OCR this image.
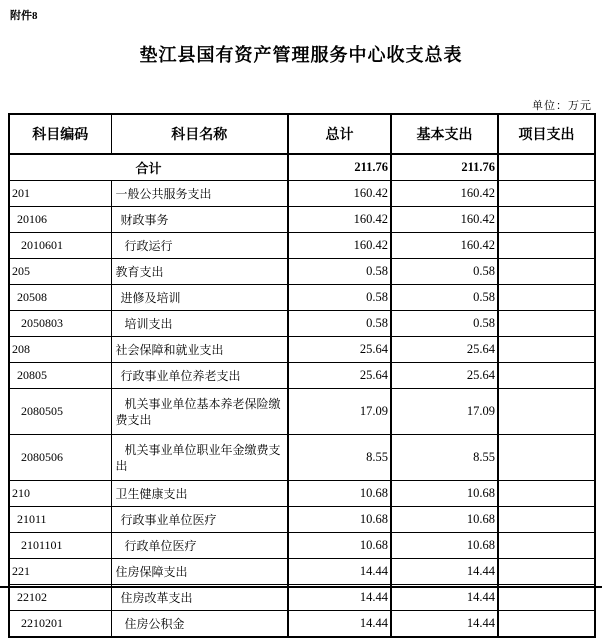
附件8
垫江县国有资产管理服务中心收支总表
单位：万元
科目编码	科目名称	总计	基本支出	项目支出
合计		211.76	211.76	
201	一般公共服务支出	160.42	160.42	
20106	财政事务	160.42	160.42	
2010601	行政运行	160.42	160.42	
205	教育支出	0.58	0.58	
20508	进修及培训	0.58	0.58	
2050803	培训支出	0.58	0.58	
208	社会保障和就业支出	25.64	25.64	
20805	行政事业单位养老支出	25.64	25.64	
2080505	机关事业单位基本养老保险缴费支出	17.09	17.09	
2080506	机关事业单位职业年金缴费支出	8.55	8.55	
210	卫生健康支出	10.68	10.68	
21011	行政事业单位医疗	10.68	10.68	
2101101	行政单位医疗	10.68	10.68	
221	住房保障支出	14.44	14.44	
22102	住房改革支出	14.44	14.44	
2210201	住房公积金	14.44	14.44	
